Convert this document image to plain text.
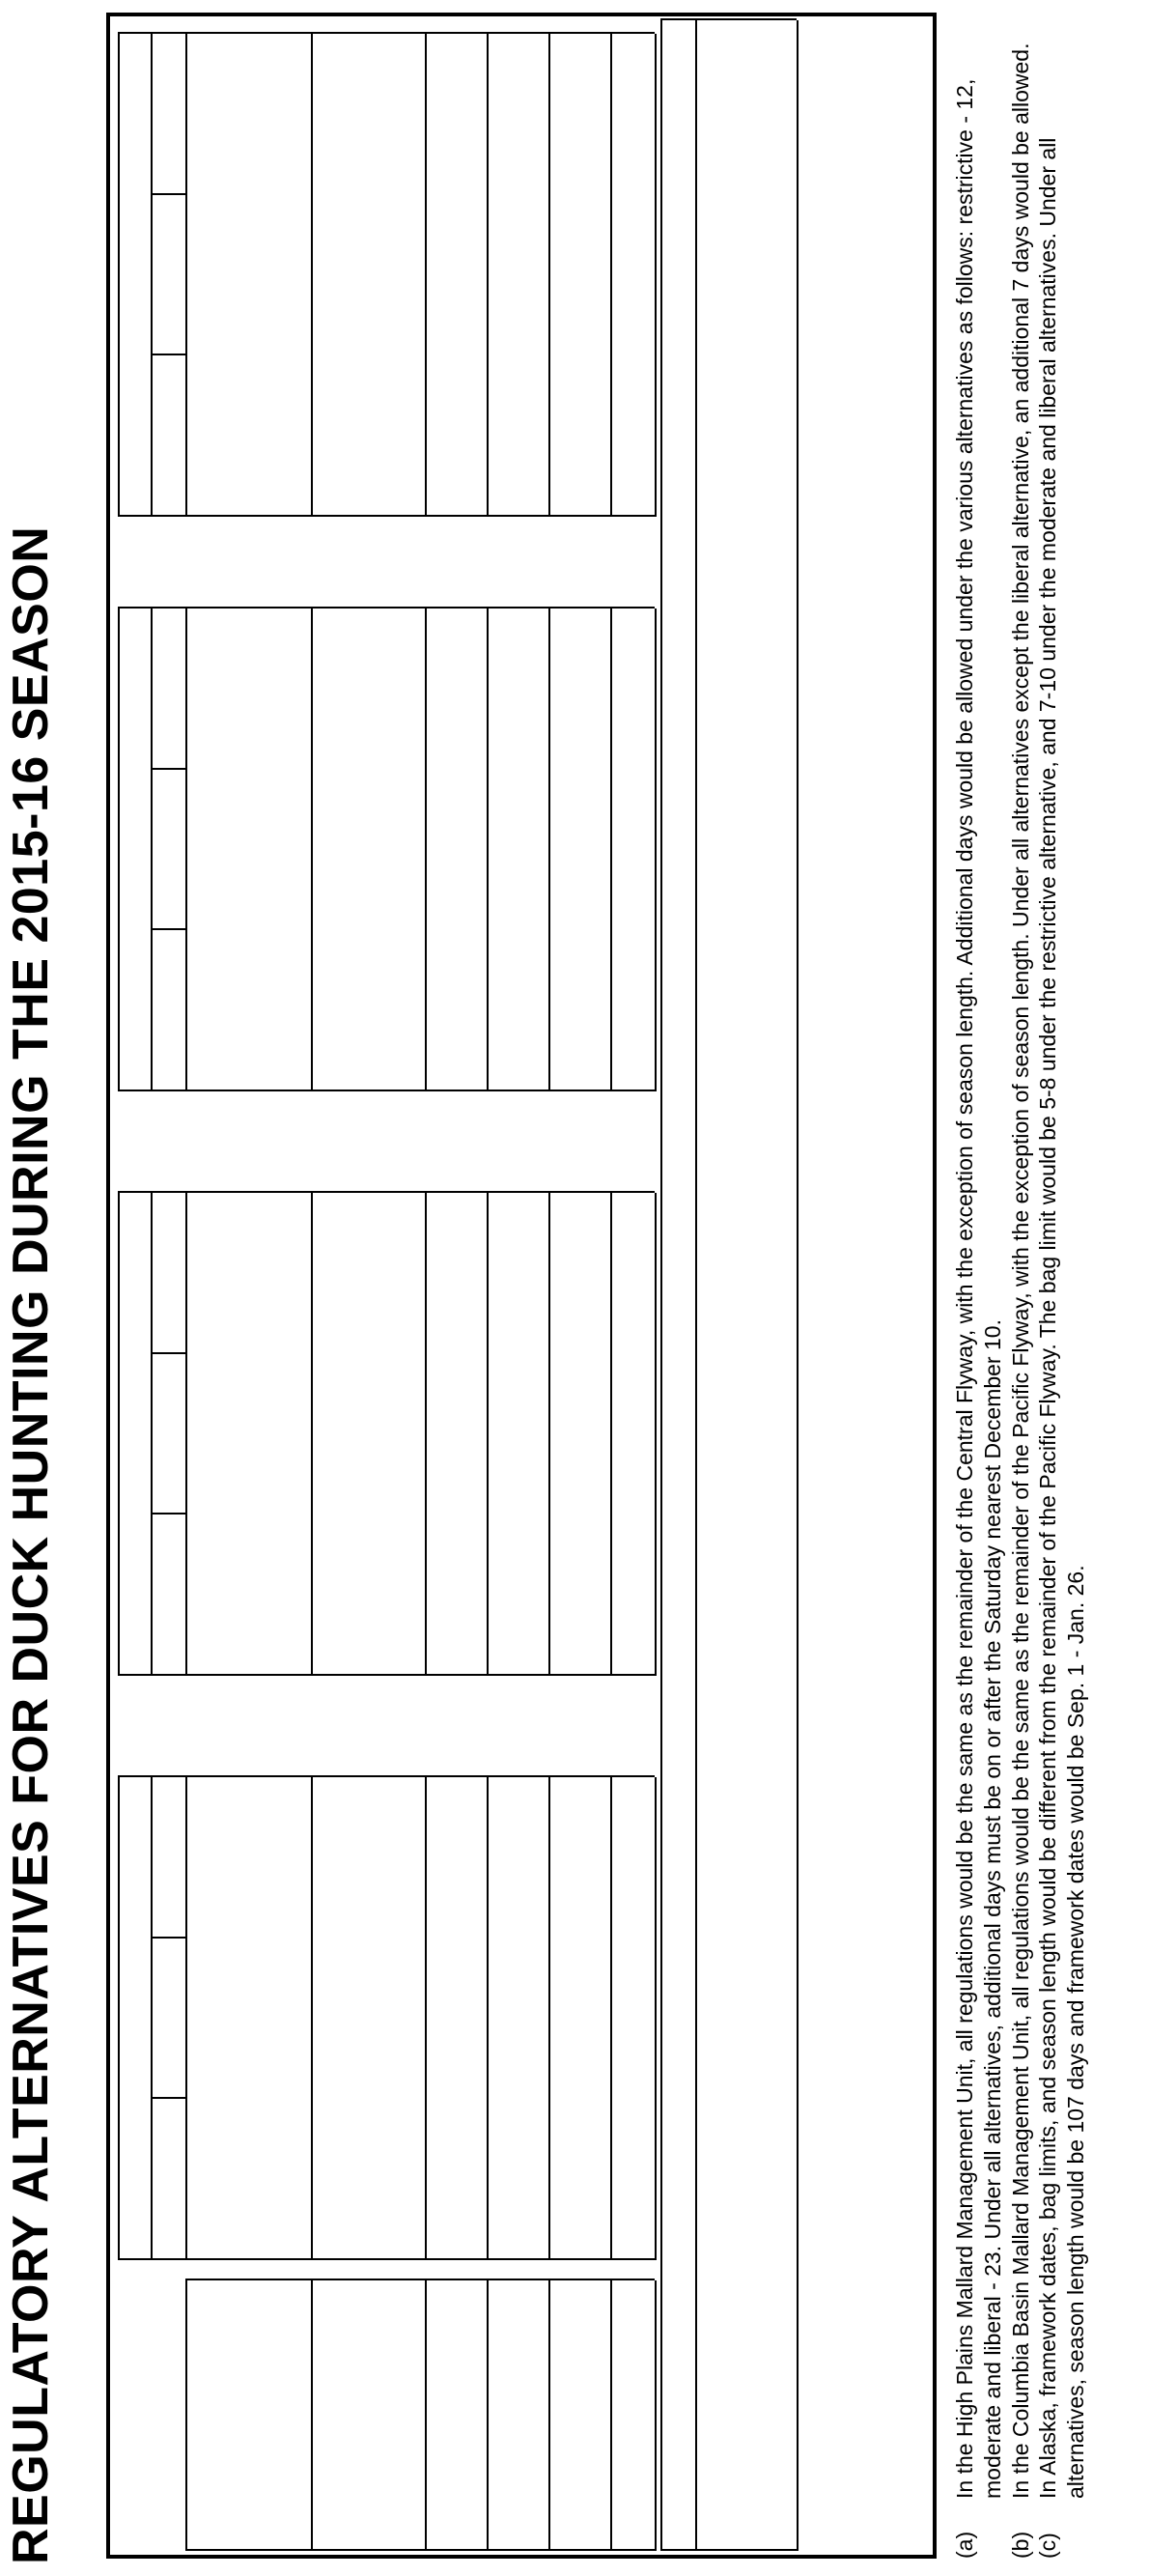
REGULATORY ALTERNATIVES FOR DUCK HUNTING DURING THE 2015-16 SEASON	(a)
In the High Plains Mallard Management Unit, all regulations would be the same as the remainder of the Central Flyway, with the exception of season length. Additional days would be allowed under the various alternatives as follows: restrictive - 12, moderate and liberal - 23. Under all alternatives, additional days must be on or after the Saturday nearest December 10.
(b)
In the Columbia Basin Mallard Management Unit, all regulations would be the same as the remainder of the Pacific Flyway, with the exception of season length. Under all alternatives except the liberal alternative, an additional 7 days would be allowed.
(c)
In Alaska, framework dates, bag limits, and season length would be different from the remainder of the Pacific Flyway. The bag limit would be 5-8 under the restrictive alternative, and 7-10 under the moderate and liberal alternatives. Under all alternatives, season length would be 107 days and framework dates would be Sep. 1 - Jan. 26.
